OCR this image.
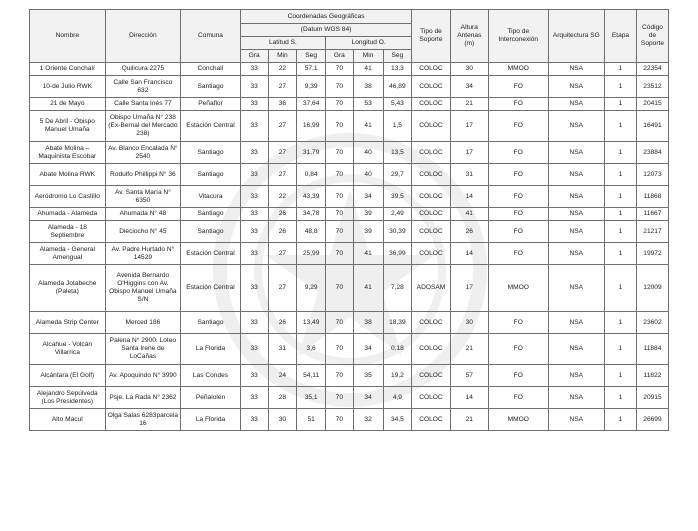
Nombre	Dirección	Comuna	Coordenadas Geográficas						Tipo de Soporte	Altura Antenas (m)	Tipo de Interconexión	Arquitectura SG	Etapa	Código de Soporte
			(Datum WGS 84)											
			Latitud S.			Longitud O.								
			Gra	Min	Seg	Gra	Min	Seg						
1 Oriente Conchalí	Quilicura 2275	Conchalí	33	22	57,1	70	41	13,3	COLOC	30	MMOO	NSA	1	22354
10-de Julio RWK	Calle San Francisco 632	Santiago	33	27	9,39	70	38	46,89	COLOC	34	FO	NSA	1	23512
21 de Mayo	Calle Santa Inés 77	Peñaflor	33	36	37,64	70	53	5,43	COLOC	21	FO	NSA	1	20415
5 De Abril - Obispo Manuel Umaña	Obispo Umaña N° 238 (Ex-Bernal del Mercado 238)	Estación Central	33	27	16,99	70	41	1,5	COLOC	17	FO	NSA	1	16491
Abate Molina – Maquinista Escobar	Av. Blanco Encalada N° 2540	Santiago	33	27	31,79	70	40	13,5	COLOC	17	FO	NSA	1	23884
Abate Molina RWK	Rodulfo Phillippi N° 36	Santiago	33	27	0,84	70	40	29,7	COLOC	31	FO	NSA	1	12073
Aeródromo Lo Castillo	Av. Santa María N° 6350	Vitacura	33	22	43,39	70	34	39,5	COLOC	14	FO	NSA	1	11868
Ahumada - Alameda	Ahumada N° 48	Santiago	33	26	34,78	70	39	2,49	COLOC	41	FO	NSA	1	11667
Alameda - 18 Septiembre	Dieciocho N° 45	Santiago	33	26	48,8	70	39	30,39	COLOC	26	FO	NSA	1	21217
Alameda - General Amengual	Av. Padre Hurtado N° 14529	Estación Central	33	27	25,99	70	41	36,99	COLOC	14	FO	NSA	1	19972
Alameda Jotabeche (Paleta)	Avenida Bernardo O'Higgins con Av. Obispo Manuel Umaña S/N	Estación Central	33	27	9,29	70	41	7,28	ADOSAM	17	MMOO	NSA	1	12009
Alameda Strip Center	Merced 186	Santiago	33	26	13,49	70	38	18,39	COLOC	30	FO	NSA	1	23602
Alcahue - Volcán Villarrica	Palena N° 2900. Loteo Santa Irene de LoCañas	La Florida	33	31	3,6	70	34	0,18	COLOC	21	FO	NSA	1	11884
Alcántara (El Golf)	Av. Apoquindo N° 3990	Las Condes	33	24	54,11	70	35	19,2	COLOC	57	FO	NSA	1	11822
Alejandro Sepúlveda (Los Presidentes)	Psje. La Rada N° 2362	Peñalolén	33	28	35,1	70	34	4,9	COLOC	14	FO	NSA	1	20915
Alto Macul	Olga Salas 6283parcela 16	La Florida	33	30	51	70	32	34,5	COLOC	21	MMOO	NSA	1	26699
